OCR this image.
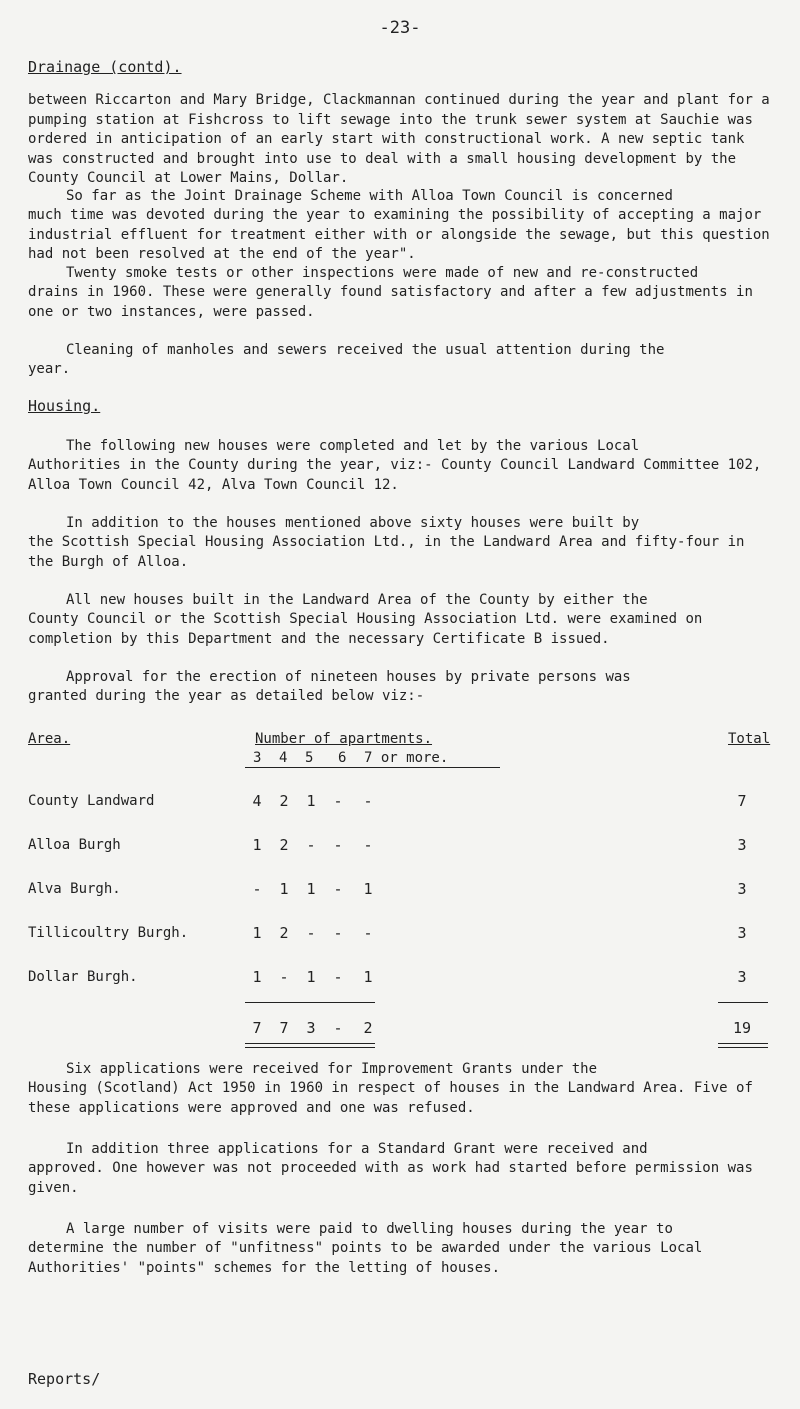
-23-
Drainage (contd).

between Riccarton and Mary Bridge, Clackmannan continued during the year and plant for a pumping station at Fishcross to lift sewage into the trunk sewer system at Sauchie was ordered in anticipation of an early start with constructional work. A new septic tank was constructed and brought into use to deal with a small housing development by the County Council at Lower Mains, Dollar.

So far as the Joint Drainage Scheme with Alloa Town Council is concerned

much time was devoted during the year to examining the possibility of accepting a major industrial effluent for treatment either with or alongside the sewage, but this question had not been resolved at the end of the year".

Twenty smoke tests or other inspections were made of new and re-constructed

drains in 1960. These were generally found satisfactory and after a few adjustments in one or two instances, were passed.

Cleaning of manholes and sewers received the usual attention during the

year.

Housing.
The following new houses were completed and let by the various Local

Authorities in the County during the year, viz:- County Council Landward Committee 102, Alloa Town Council 42, Alva Town Council 12.

In addition to the houses mentioned above sixty houses were built by

the Scottish Special Housing Association Ltd., in the Landward Area and fifty-four in the Burgh of Alloa.

All new houses built in the Landward Area of the County by either the

County Council or the Scottish Special Housing Association Ltd. were examined on completion by this Department and the necessary Certificate B issued.

Approval for the erection of nineteen houses by private persons was

granted during the year as detailed below viz:-

Area.	Number of apartments.	Total
3 4 5 6 7 or more.
County Landward	4	2	1	-	-	7
Alloa Burgh	1	2	-	-	-	3
Alva Burgh.	-	1	1	-	1	3
Tillicoultry Burgh.	1	2	-	-	-	3
Dollar Burgh.	1	-	1	-	1	3
7	7	3	-	2	19
Six applications were received for Improvement Grants under the

Housing (Scotland) Act 1950 in 1960 in respect of houses in the Landward Area. Five of these applications were approved and one was refused.

In addition three applications for a Standard Grant were received and

approved. One however was not proceeded with as work had started before permission was given.

A large number of visits were paid to dwelling houses during the year to

determine the number of "unfitness" points to be awarded under the various Local Authorities' "points" schemes for the letting of houses.

Reports/
